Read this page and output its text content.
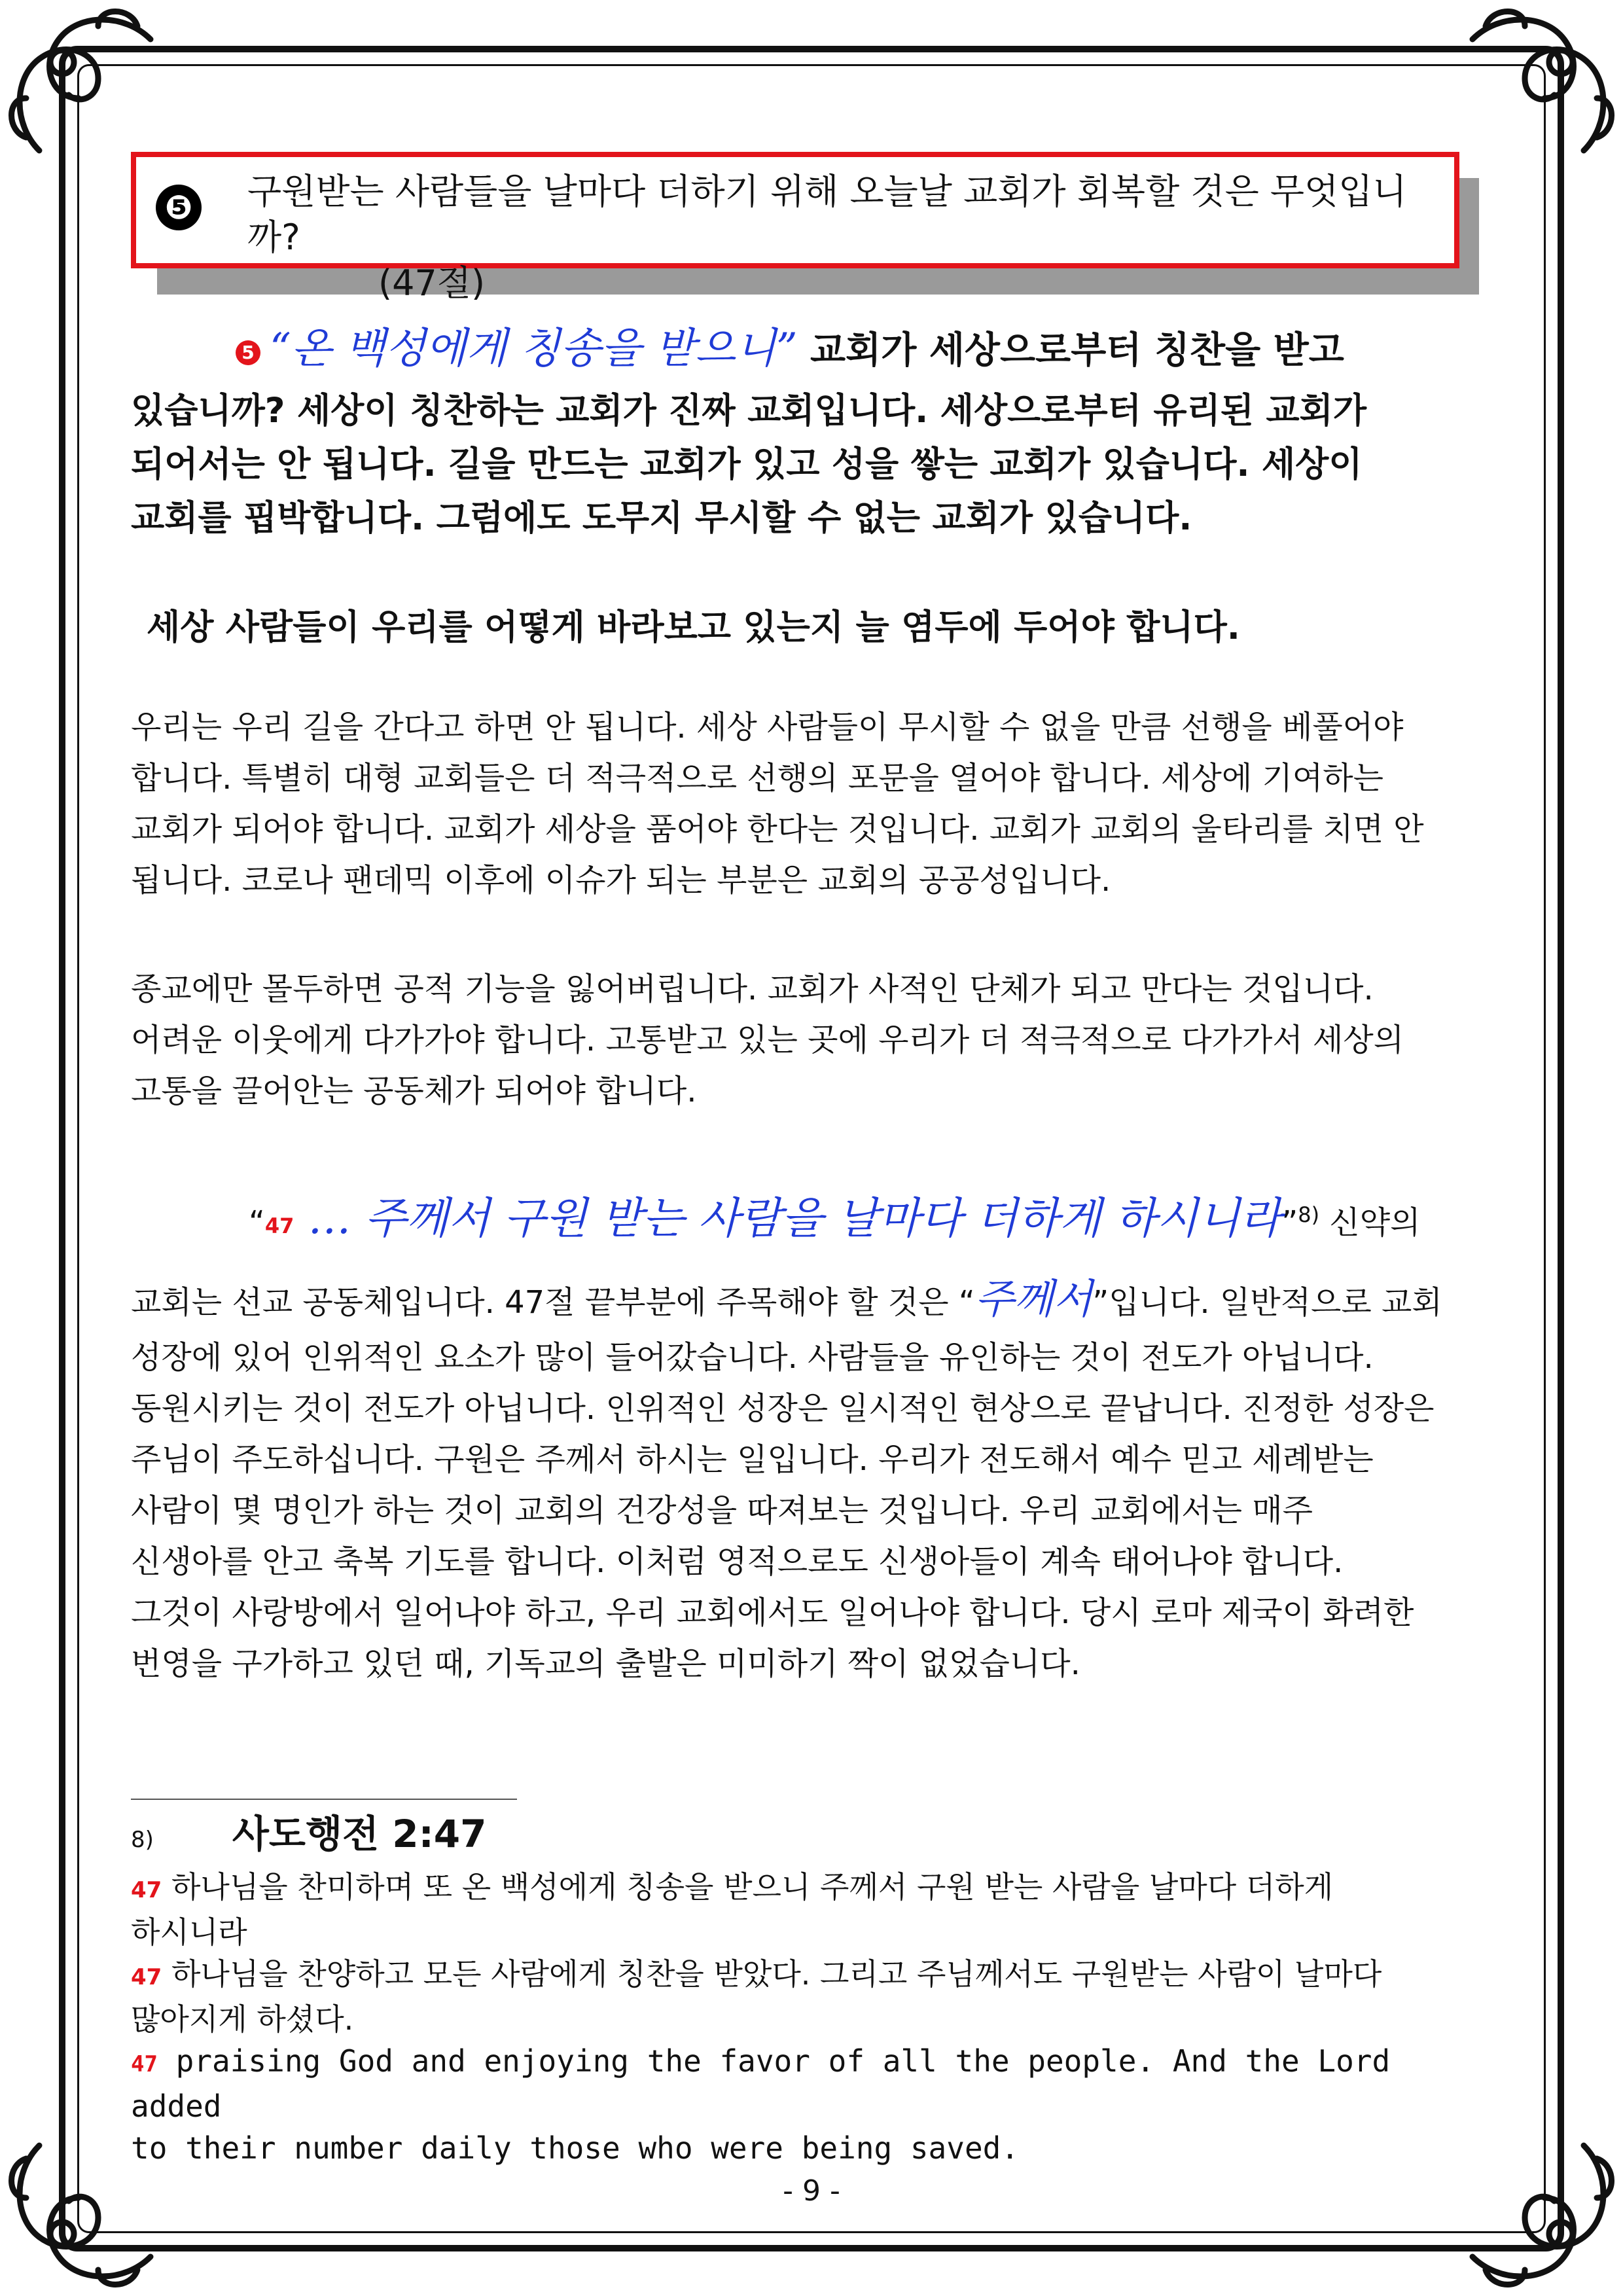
❺ 구원받는 사람들을 날마다 더하기 위해 오늘날 교회가 회복할 것은 무엇입니까?
(47절)
5 “온 백성에게 칭송을 받으니” 교회가 세상으로부터 칭찬을 받고
있습니까? 세상이 칭찬하는 교회가 진짜 교회입니다. 세상으로부터 유리된 교회가
되어서는 안 됩니다. 길을 만드는 교회가 있고 성을 쌓는 교회가 있습니다. 세상이
교회를 핍박합니다. 그럼에도 도무지 무시할 수 없는 교회가 있습니다.
세상 사람들이 우리를 어떻게 바라보고 있는지 늘 염두에 두어야 합니다.
우리는 우리 길을 간다고 하면 안 됩니다. 세상 사람들이 무시할 수 없을 만큼 선행을 베풀어야
합니다. 특별히 대형 교회들은 더 적극적으로 선행의 포문을 열어야 합니다. 세상에 기여하는
교회가 되어야 합니다. 교회가 세상을 품어야 한다는 것입니다. 교회가 교회의 울타리를 치면 안
됩니다. 코로나 팬데믹 이후에 이슈가 되는 부분은 교회의 공공성입니다.
종교에만 몰두하면 공적 기능을 잃어버립니다. 교회가 사적인 단체가 되고 만다는 것입니다.
어려운 이웃에게 다가가야 합니다. 고통받고 있는 곳에 우리가 더 적극적으로 다가가서 세상의
고통을 끌어안는 공동체가 되어야 합니다.
“47 … 주께서 구원 받는 사람을 날마다 더하게 하시니라”$^{8)}$ 신약의
교회는 선교 공동체입니다. 47절 끝부분에 주목해야 할 것은 “주께서”입니다. 일반적으로 교회
성장에 있어 인위적인 요소가 많이 들어갔습니다. 사람들을 유인하는 것이 전도가 아닙니다.
동원시키는 것이 전도가 아닙니다. 인위적인 성장은 일시적인 현상으로 끝납니다. 진정한 성장은
주님이 주도하십니다. 구원은 주께서 하시는 일입니다. 우리가 전도해서 예수 믿고 세례받는
사람이 몇 명인가 하는 것이 교회의 건강성을 따져보는 것입니다. 우리 교회에서는 매주
신생아를 안고 축복 기도를 합니다. 이처럼 영적으로도 신생아들이 계속 태어나야 합니다.
그것이 사랑방에서 일어나야 하고, 우리 교회에서도 일어나야 합니다. 당시 로마 제국이 화려한
번영을 구가하고 있던 때, 기독교의 출발은 미미하기 짝이 없었습니다.
8) 사도행전 2:47
47 하나님을 찬미하며 또 온 백성에게 칭송을 받으니 주께서 구원 받는 사람을 날마다 더하게
하시니라
47 하나님을 찬양하고 모든 사람에게 칭찬을 받았다. 그리고 주님께서도 구원받는 사람이 날마다
많아지게 하셨다.
47 praising God and enjoying the favor of all the people. And the Lord added
to their number daily those who were being saved.
- 9 -
